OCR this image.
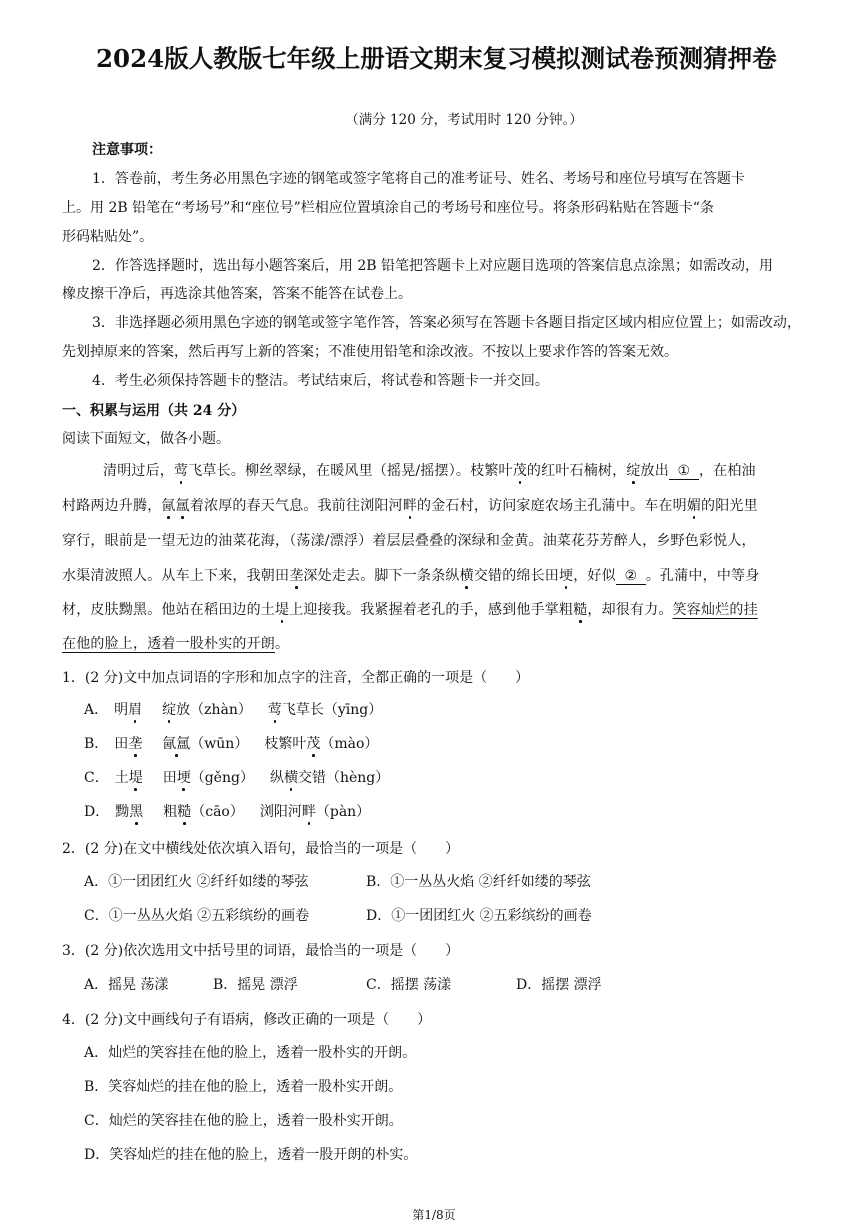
2024版人教版七年级上册语文期末复习模拟测试卷预测猜押卷
（满分 120 分，考试用时 120 分钟。）
注意事项：
1．答卷前，考生务必用黑色字迹的钢笔或签字笔将自己的准考证号、姓名、考场号和座位号填写在答题卡
上。用 2B 铅笔在“考场号”和“座位号”栏相应位置填涂自己的考场号和座位号。将条形码粘贴在答题卡“条
形码粘贴处”。
2．作答选择题时，选出每小题答案后，用 2B 铅笔把答题卡上对应题目选项的答案信息点涂黑；如需改动，用
橡皮擦干净后，再选涂其他答案，答案不能答在试卷上。
3．非选择题必须用黑色字迹的钢笔或签字笔作答，答案必须写在答题卡各题目指定区域内相应位置上；如需改动，
先划掉原来的答案，然后再写上新的答案；不准使用铅笔和涂改液。不按以上要求作答的答案无效。
4．考生必须保持答题卡的整洁。考试结束后，将试卷和答题卡一并交回。
一、积累与运用（共 24 分）
阅读下面短文，做各小题。
清明过后，莺飞草长。柳丝翠绿，在暖风里（摇晃/摇摆）。枝繁叶茂的红叶石楠树，绽放出 ① ，在柏油
村路两边升腾，氤氲着浓厚的春天气息。我前往浏阳河畔的金石村，访问家庭农场主孔蒲中。车在明媚的阳光里
穿行，眼前是一望无边的油菜花海，（荡漾/漂浮）着层层叠叠的深绿和金黄。油菜花芬芳醉人，乡野色彩悦人，
水渠清波照人。从车上下来，我朝田垄深处走去。脚下一条条纵横交错的绵长田埂，好似 ② 。孔蒲中，中等身
材，皮肤黝黑。他站在稻田边的土堤上迎接我。我紧握着老孔的手，感到他手掌粗糙，却很有力。笑容灿烂的挂
在他的脸上，透着一股朴实的开朗。
1．(2 分)文中加点词语的字形和加点字的注音，全都正确的一项是（　　）
A． 明眉 绽放（zhàn） 莺飞草长（yīng）
B． 田垄 氤氲（wūn） 枝繁叶茂（mào）
C． 土堤 田埂（gěng） 纵横交错（hèng）
D． 黝黑 粗糙（cāo） 浏阳河畔（pàn）
2．(2 分)在文中横线处依次填入语句，最恰当的一项是（　　）
A．①一团团红火 ②纤纤如缕的琴弦	B．①一丛丛火焰 ②纤纤如缕的琴弦
C．①一丛丛火焰 ②五彩缤纷的画卷	D．①一团团红火 ②五彩缤纷的画卷
3．(2 分)依次选用文中括号里的词语，最恰当的一项是（　　）
A．摇晃 荡漾	B．摇晃 漂浮	C．摇摆 荡漾	D．摇摆 漂浮
4．(2 分)文中画线句子有语病，修改正确的一项是（　　）
A．灿烂的笑容挂在他的脸上，透着一股朴实的开朗。
B．笑容灿烂的挂在他的脸上，透着一股朴实开朗。
C．灿烂的笑容挂在他的脸上，透着一股朴实开朗。
D．笑容灿烂的挂在他的脸上，透着一股开朗的朴实。
第1/8页
